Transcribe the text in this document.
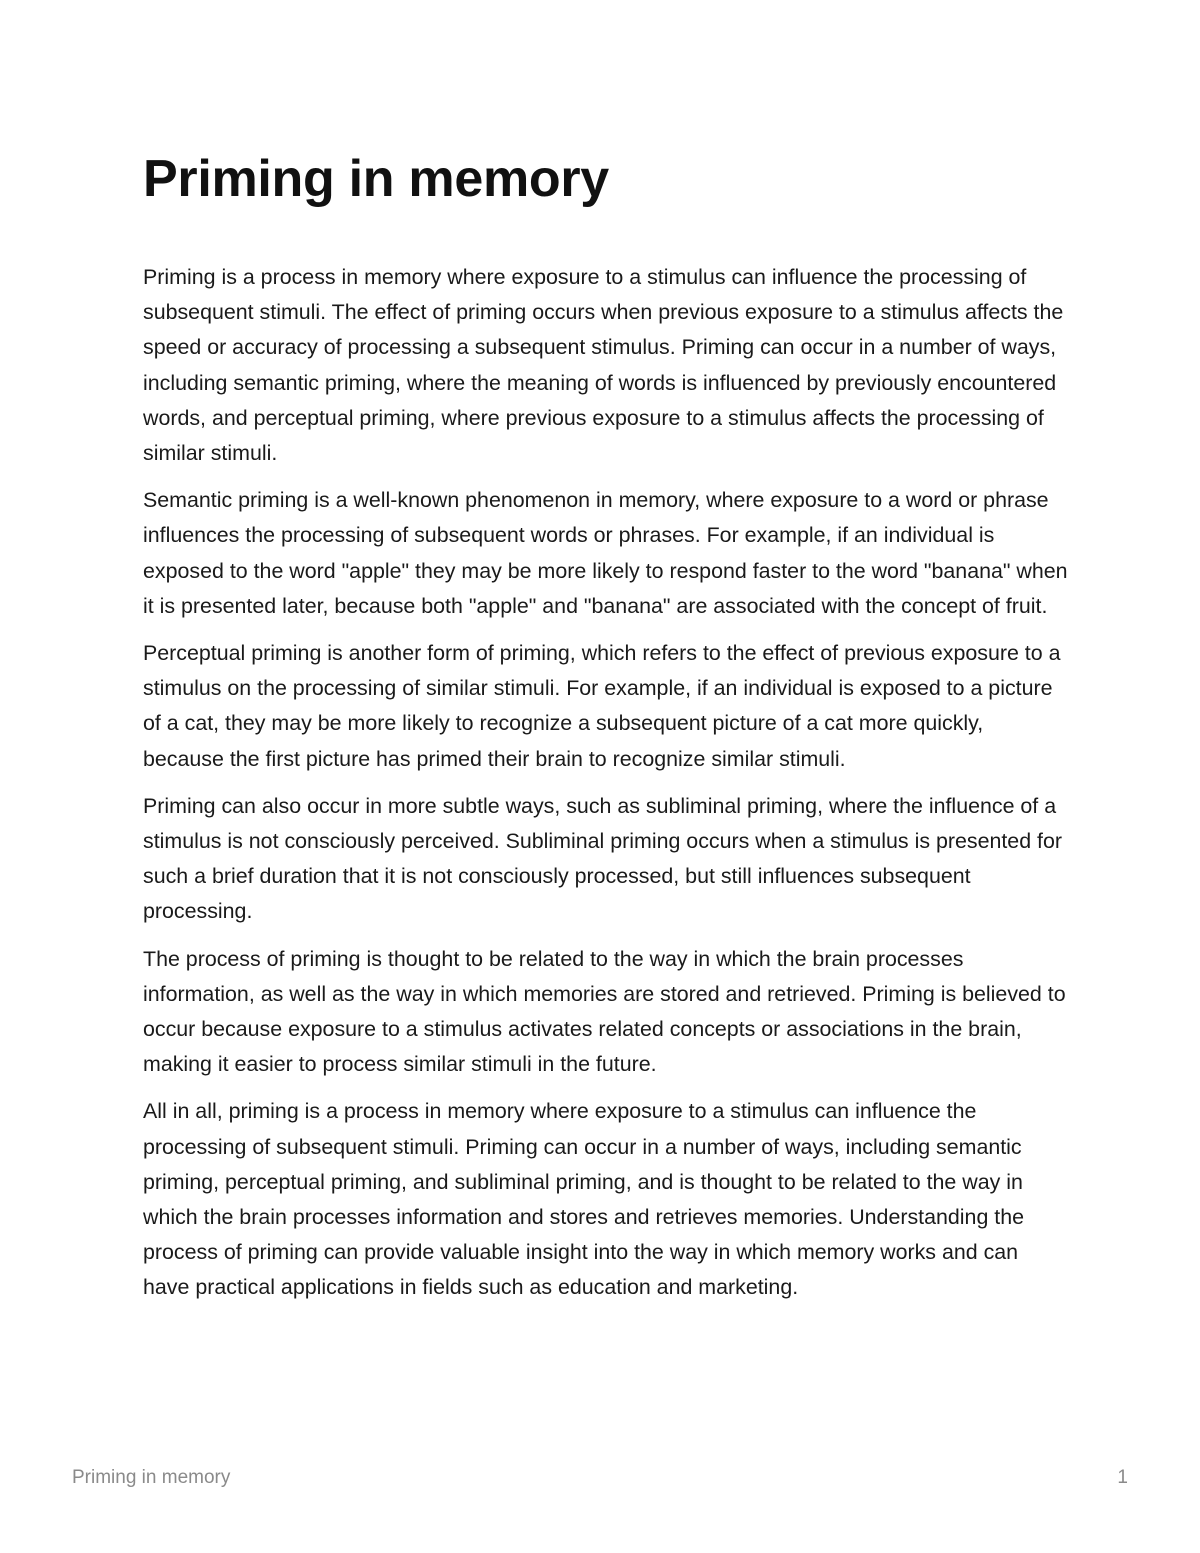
Priming in memory

Priming is a process in memory where exposure to a stimulus can influence the processing of subsequent stimuli. The effect of priming occurs when previous exposure to a stimulus affects the speed or accuracy of processing a subsequent stimulus. Priming can occur in a number of ways, including semantic priming, where the meaning of words is influenced by previously encountered words, and perceptual priming, where previous exposure to a stimulus affects the processing of similar stimuli.

Semantic priming is a well-known phenomenon in memory, where exposure to a word or phrase influences the processing of subsequent words or phrases. For example, if an individual is exposed to the word "apple" they may be more likely to respond faster to the word "banana" when it is presented later, because both "apple" and "banana" are associated with the concept of fruit.

Perceptual priming is another form of priming, which refers to the effect of previous exposure to a stimulus on the processing of similar stimuli. For example, if an individual is exposed to a picture of a cat, they may be more likely to recognize a subsequent picture of a cat more quickly, because the first picture has primed their brain to recognize similar stimuli.

Priming can also occur in more subtle ways, such as subliminal priming, where the influence of a stimulus is not consciously perceived. Subliminal priming occurs when a stimulus is presented for such a brief duration that it is not consciously processed, but still influences subsequent processing.

The process of priming is thought to be related to the way in which the brain processes information, as well as the way in which memories are stored and retrieved. Priming is believed to occur because exposure to a stimulus activates related concepts or associations in the brain, making it easier to process similar stimuli in the future.

All in all, priming is a process in memory where exposure to a stimulus can influence the processing of subsequent stimuli. Priming can occur in a number of ways, including semantic priming, perceptual priming, and subliminal priming, and is thought to be related to the way in which the brain processes information and stores and retrieves memories. Understanding the process of priming can provide valuable insight into the way in which memory works and can have practical applications in fields such as education and marketing.

Priming in memory	1
